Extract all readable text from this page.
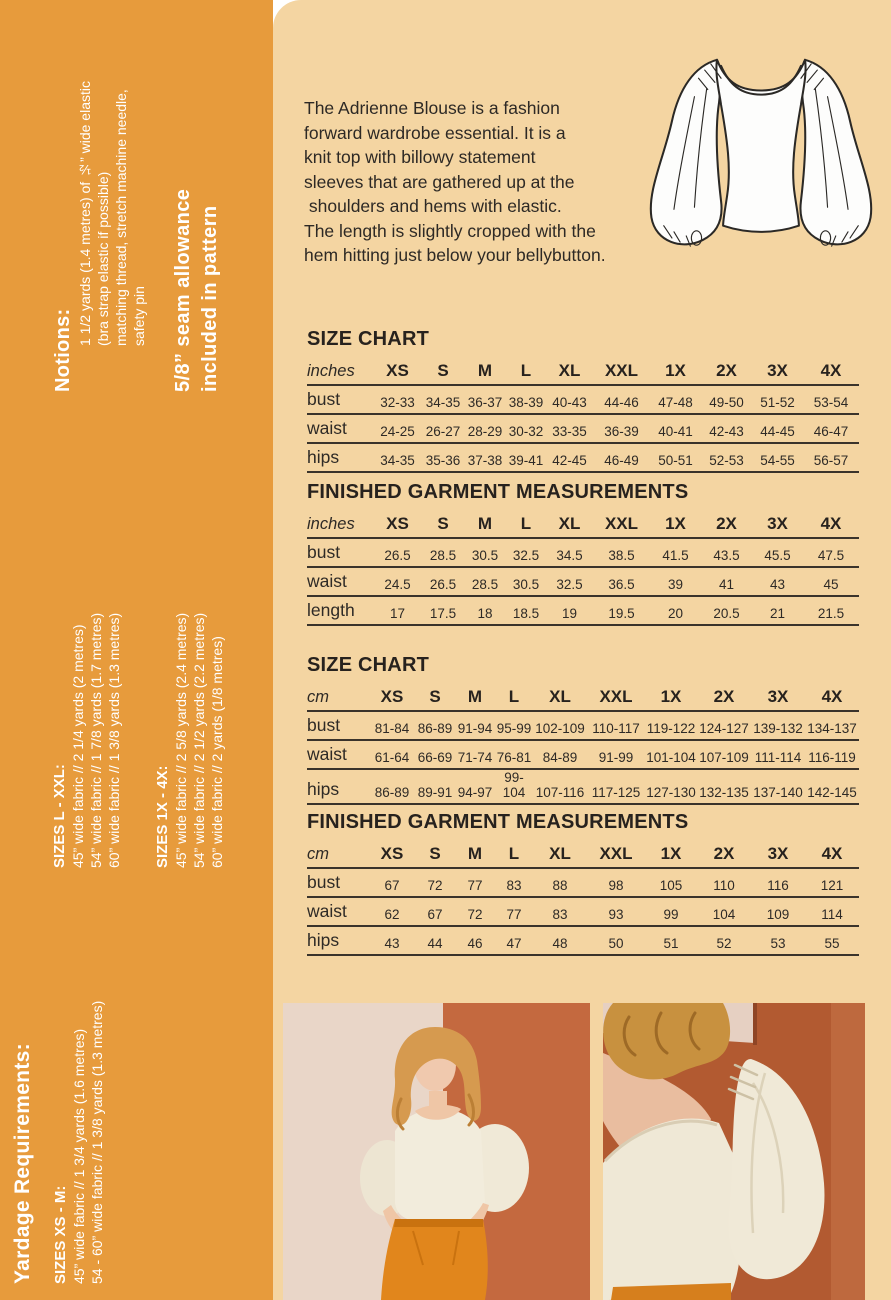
Notions:
1 1/2 yards (1.4 metres) of ½” wide elastic (bra strap elastic if possible) matching thread, stretch machine needle, safety pin 5/8” seam allowance included in pattern
SIZES L - XXL: 45” wide fabric // 2 1/4 yards (2 metres) 54” wide fabric // 1 7/8 yards (1.7 metres) 60” wide fabric // 1 3/8 yards (1.3 metres) SIZES 1X - 4X: 45” wide fabric // 2 5/8 yards (2.4 metres) 54” wide fabric // 2 1/2 yards (2.2 metres) 60” wide fabric // 2 yards (1/8 metres)
Yardage Requirements: SIZES XS - M: 45” wide fabric // 1 3/4 yards (1.6 metres) 54 - 60” wide fabric // 1 3/8 yards (1.3 metres)
The Adrienne Blouse is a fashion
forward wardrobe essential. It is a
knit top with billowy statement
sleeves that are gathered up at the
shoulders and hems with elastic.
The length is slightly cropped with the
hem hitting just below your bellybutton.
SIZE CHART
inches	XS	S	M	L	XL	XXL	1X	2X	3X	4X
bust	32-33	34-35	36-37	38-39	40-43	44-46	47-48	49-50	51-52	53-54
waist	24-25	26-27	28-29	30-32	33-35	36-39	40-41	42-43	44-45	46-47
hips	34-35	35-36	37-38	39-41	42-45	46-49	50-51	52-53	54-55	56-57
FINISHED GARMENT MEASUREMENTS
inches	XS	S	M	L	XL	XXL	1X	2X	3X	4X
bust	26.5	28.5	30.5	32.5	34.5	38.5	41.5	43.5	45.5	47.5
waist	24.5	26.5	28.5	30.5	32.5	36.5	39	41	43	45
length	17	17.5	18	18.5	19	19.5	20	20.5	21	21.5
SIZE CHART
cm	XS	S	M	L	XL	XXL	1X	2X	3X	4X
bust	81-84	86-89	91-94	95-99	102-109	110-117	119-122	124-127	139-132	134-137
waist	61-64	66-69	71-74	76-81	84-89	91-99	101-104	107-109	111-114	116-119
hips	86-89	89-91	94-97	99-104	107-116	117-125	127-130	132-135	137-140	142-145
FINISHED GARMENT MEASUREMENTS
cm	XS	S	M	L	XL	XXL	1X	2X	3X	4X
bust	67	72	77	83	88	98	105	110	116	121
waist	62	67	72	77	83	93	99	104	109	114
hips	43	44	46	47	48	50	51	52	53	55
